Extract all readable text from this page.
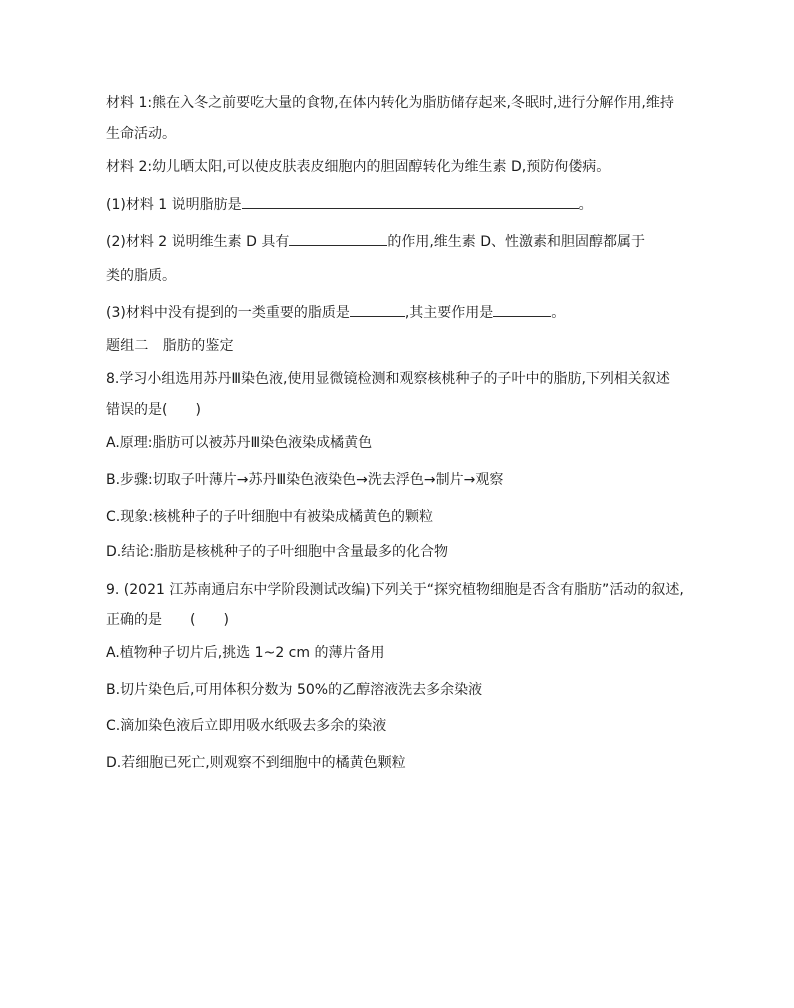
材料 1:熊在入冬之前要吃大量的食物,在体内转化为脂肪储存起来,冬眠时,进行分解作用,维持
生命活动。
材料 2:幼儿晒太阳,可以使皮肤表皮细胞内的胆固醇转化为维生素 D,预防佝偻病。
(1)材料 1 说明脂肪是	。
(2)材料 2 说明维生素 D 具有	的作用,维生素 D、性激素和胆固醇都属于
类的脂质。
(3)材料中没有提到的一类重要的脂质是	,其主要作用是	。
题组二　脂肪的鉴定
8.学习小组选用苏丹Ⅲ染色液,使用显微镜检测和观察核桃种子的子叶中的脂肪,下列相关叙述
错误的是(　　)
A.原理:脂肪可以被苏丹Ⅲ染色液染成橘黄色
B.步骤:切取子叶薄片→苏丹Ⅲ染色液染色→洗去浮色→制片→观察
C.现象:核桃种子的子叶细胞中有被染成橘黄色的颗粒
D.结论:脂肪是核桃种子的子叶细胞中含量最多的化合物
9. (2021 江苏南通启东中学阶段测试改编)下列关于“探究植物细胞是否含有脂肪”活动的叙述,
正确的是　　(　　)
A.植物种子切片后,挑选 1~2 cm 的薄片备用
B.切片染色后,可用体积分数为 50%的乙醇溶液洗去多余染液
C.滴加染色液后立即用吸水纸吸去多余的染液
D.若细胞已死亡,则观察不到细胞中的橘黄色颗粒
